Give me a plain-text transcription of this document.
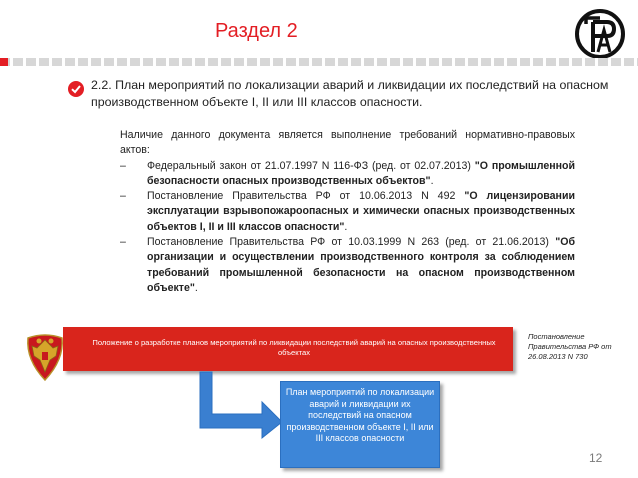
Раздел 2
2.2. План мероприятий по локализации аварий и ликвидации их последствий на опасном производственном объекте I, II или III классов опасности.

Наличие данного документа является выполнение требований нормативно-правовых актов:

– Федеральный закон от 21.07.1997 N 116-ФЗ (ред. от 02.07.2013) "О промышленной безопасности опасных производственных объектов".
– Постановление Правительства РФ от 10.06.2013 N 492 "О лицензировании эксплуатации взрывопожароопасных и химически опасных производственных объектов I, II и III классов опасности".
– Постановление Правительства РФ от 10.03.1999 N 263 (ред. от 21.06.2013) "Об организации и осуществлении производственного контроля за соблюдением требований промышленной безопасности на опасном производственном объекте".
Положение о разработке планов мероприятий по ликвидации последствий аварий на опасных производственных объектах
Постановление Правительства РФ от 26.08.2013 N 730
План мероприятий по локализации аварий и ликвидации их последствий на опасном производственном объекте I, II или III классов опасности
12
